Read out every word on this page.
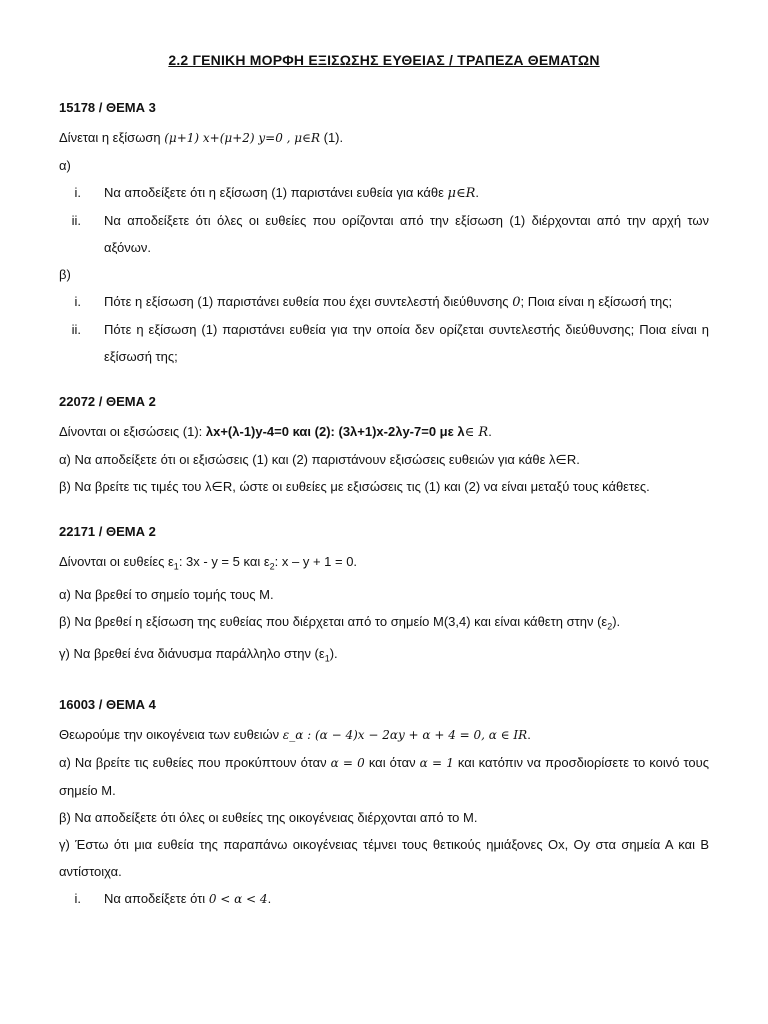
2.2 ΓΕΝΙΚΗ ΜΟΡΦΗ ΕΞΙΣΩΣΗΣ ΕΥΘΕΙΑΣ / ΤΡΑΠΕΖΑ ΘΕΜΑΤΩΝ
15178 / ΘΕΜΑ 3

Δίνεται η εξίσωση (μ+1) x+(μ+2) y=0 , μ∈R (1).

α)

i. Να αποδείξετε ότι η εξίσωση (1) παριστάνει ευθεία για κάθε μ∈R.
ii. Να αποδείξετε ότι όλες οι ευθείες που ορίζονται από την εξίσωση (1) διέρχονται από την αρχή των αξόνων.

β)

i. Πότε η εξίσωση (1) παριστάνει ευθεία που έχει συντελεστή διεύθυνσης 0; Ποια είναι η εξίσωσή της;
ii. Πότε η εξίσωση (1) παριστάνει ευθεία για την οποία δεν ορίζεται συντελεστής διεύθυνσης; Ποια είναι η εξίσωσή της;
22072 / ΘΕΜΑ 2

Δίνονται οι εξισώσεις (1): λx+(λ-1)y-4=0 και (2): (3λ+1)x-2λy-7=0 με λ∈ R.

α) Να αποδείξετε ότι οι εξισώσεις (1) και (2) παριστάνουν εξισώσεις ευθειών για κάθε λ∈R.

β) Να βρείτε τις τιμές του λ∈R, ώστε οι ευθείες με εξισώσεις τις (1) και (2) να είναι μεταξύ τους κάθετες.

22171 / ΘΕΜΑ 2

Δίνονται οι ευθείες $\varepsilon_1$: 3x - y = 5 και $\varepsilon_2$: x – y + 1 = 0.

α) Να βρεθεί το σημείο τομής τους Μ.

β) Να βρεθεί η εξίσωση της ευθείας που διέρχεται από το σημείο Μ(3,4) και είναι κάθετη στην $(\varepsilon_2)$.

γ) Να βρεθεί ένα διάνυσμα παράλληλο στην $(\varepsilon_1)$.

16003 / ΘΕΜΑ 4

Θεωρούμε την οικογένεια των ευθειών ε_α : (α − 4)x − 2αy + α + 4 = 0, α ∈ IR.

α) Να βρείτε τις ευθείες που προκύπτουν όταν α = 0 και όταν α = 1 και κατόπιν να προσδιορίσετε το κοινό τους σημείο Μ.

β) Να αποδείξετε ότι όλες οι ευθείες της οικογένειας διέρχονται από το Μ.

γ) Έστω ότι μια ευθεία της παραπάνω οικογένειας τέμνει τους θετικούς ημιάξονες Οx, Oy στα σημεία Α και Β αντίστοιχα.

i. Να αποδείξετε ότι 0 < α < 4.
